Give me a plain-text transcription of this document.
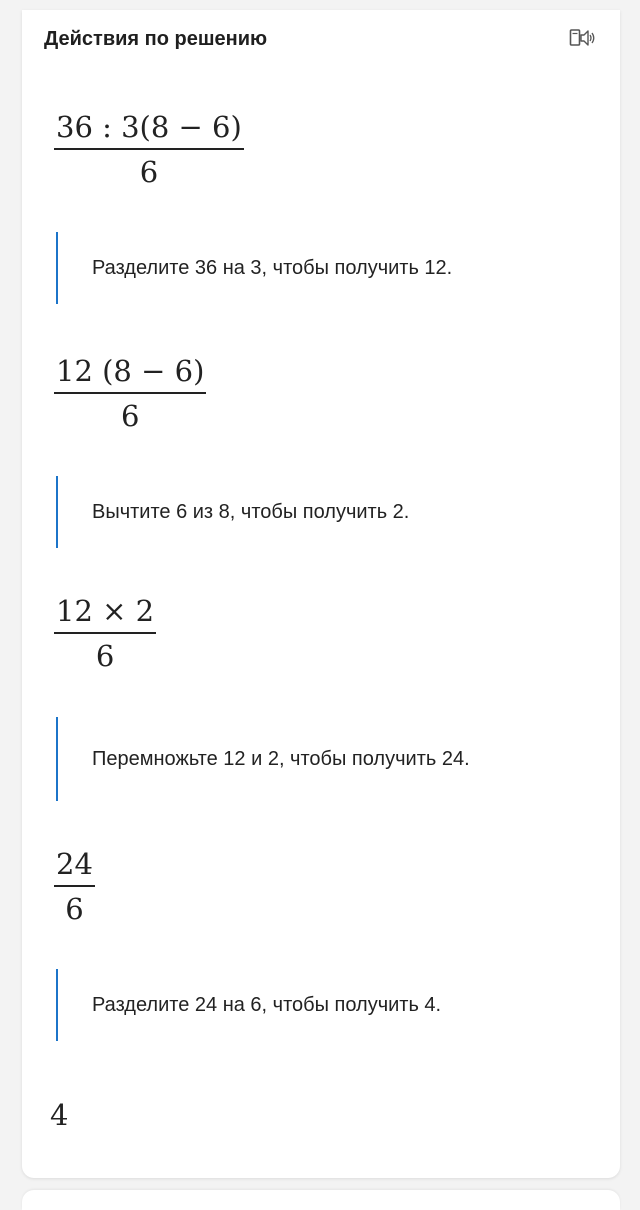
Действия по решению
36 : 3(8 − 6)
6
Разделите 36 на 3, чтобы получить 12.
12 (8 − 6)
6
Вычтите 6 из 8, чтобы получить 2.
12 × 2
6
Перемножьте 12 и 2, чтобы получить 24.
24
6
Разделите 24 на 6, чтобы получить 4.
4
